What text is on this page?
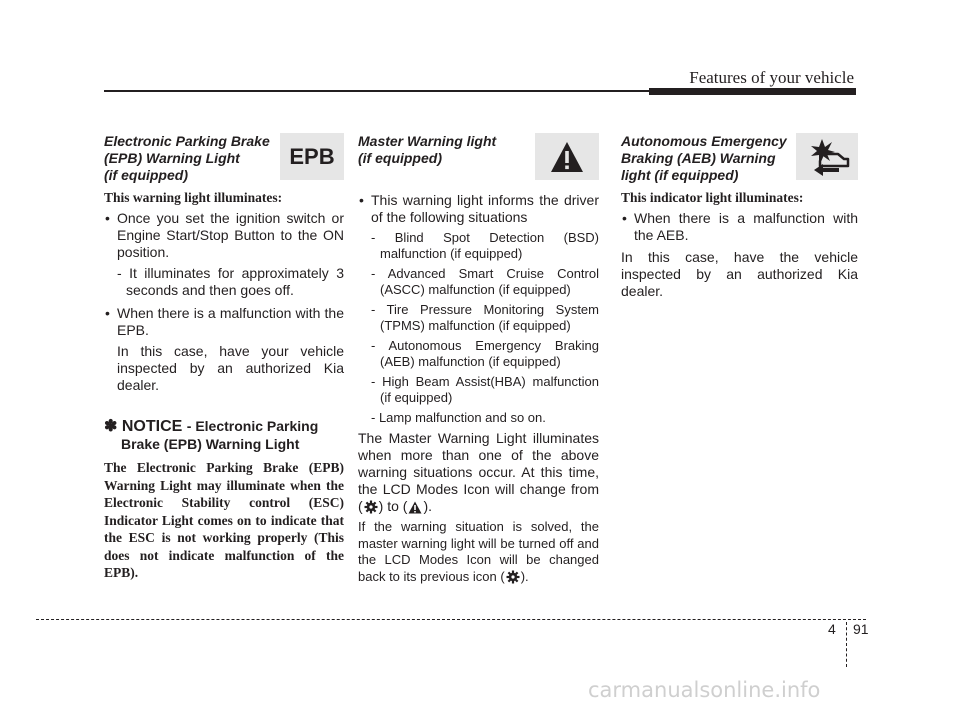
Features of your vehicle

Electronic Parking Brake
(EPB) Warning Light
(if equipped)

EPB

This warning light illuminates:

• Once you set the ignition switch or Engine Start/Stop Button to the ON position.

- It illuminates for approximately 3 seconds and then goes off.

• When there is a malfunction with the EPB.

In this case, have your vehicle inspected by an authorized Kia dealer.

✽ NOTICE - Electronic Parking
Brake (EPB) Warning Light

The Electronic Parking Brake (EPB) Warning Light may illuminate when the Electronic Stability control (ESC) Indicator Light comes on to indicate that the ESC is not working properly (This does not indicate malfunction of the EPB).

Master Warning light
(if equipped)

• This warning light informs the driver of the following situations

- Blind Spot Detection (BSD) malfunction (if equipped)

- Advanced Smart Cruise Control (ASCC) malfunction (if equipped)

- Tire Pressure Monitoring System (TPMS) malfunction (if equipped)

- Autonomous Emergency Braking (AEB) malfunction (if equipped)

- High Beam Assist(HBA) malfunction (if equipped)

- Lamp malfunction and so on.

The Master Warning Light illuminates when more than one of the above warning situations occur. At this time, the LCD Modes Icon will change from ( ) to ( ).

If the warning situation is solved, the master warning light will be turned off and the LCD Modes Icon will be changed back to its previous icon ( ).

Autonomous Emergency
Braking (AEB) Warning
light (if equipped)

This indicator light illuminates:

• When there is a malfunction with the AEB.

In this case, have the vehicle inspected by an authorized Kia dealer.

4 91
carmanualsonline.info
